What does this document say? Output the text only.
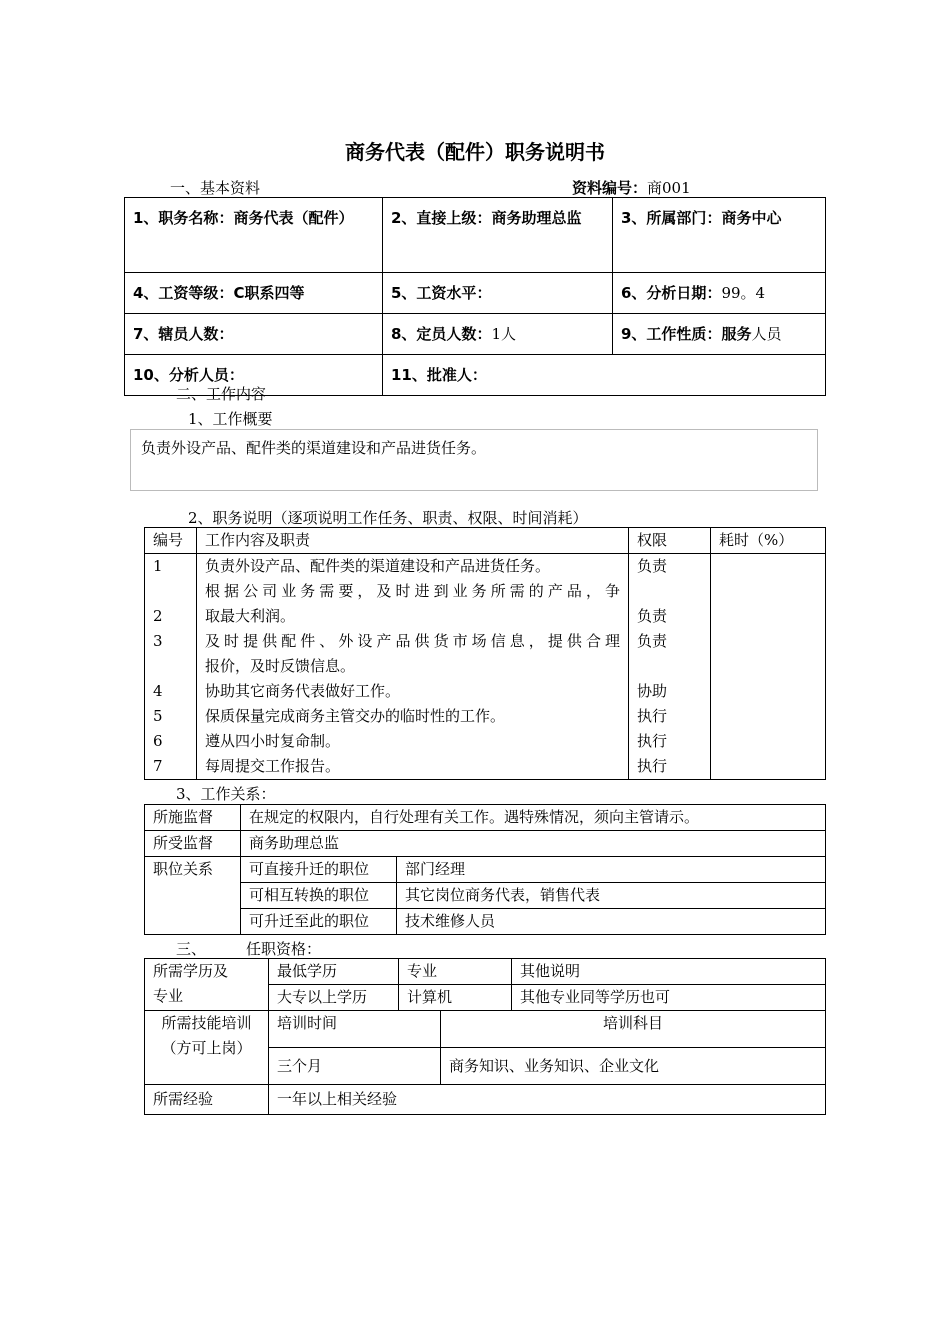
商务代表（配件）职务说明书
一、基本资料	资料编号：商001
1、职务名称：商务代表（配件）	2、直接上级：商务助理总监	3、所属部门：商务中心
4、工资等级：C职系四等	5、工资水平：	6、分析日期：99。4
7、辖员人数：	8、定员人数：1人	9、工作性质：服务人员
10、分析人员：	11、批准人：	
二、工作内容
1、工作概要
负责外设产品、配件类的渠道建设和产品进货任务。
2、职务说明（逐项说明工作任务、职责、权限、时间消耗）
编号	工作内容及职责	权限	耗时（%）
1	负责外设产品、配件类的渠道建设和产品进货任务。	负责	
	根据公司业务需要，及时进到业务所需的产品，争		
2	取最大利润。	负责	
3	及时提供配件、外设产品供货市场信息，提供合理	负责	
	报价，及时反馈信息。		
4	协助其它商务代表做好工作。	协助	
5	保质保量完成商务主管交办的临时性的工作。	执行	
6	遵从四小时复命制。	执行	
7	每周提交工作报告。	执行	
3、工作关系：
所施监督	在规定的权限内，自行处理有关工作。遇特殊情况，须向主管请示。	
所受监督	商务助理总监	
职位关系	可直接升迁的职位	部门经理
	可相互转换的职位	其它岗位商务代表，销售代表
	可升迁至此的职位	技术维修人员
三、	任职资格：
所需学历及
专业	最低学历	专业		其他说明
	大专以上学历	计算机		其他专业同等学历也可

所需技能培训
（方可上岗）	培训时间		培训科目	
	三个月		商务知识、业务知识、企业文化	
所需经验	一年以上相关经验			
